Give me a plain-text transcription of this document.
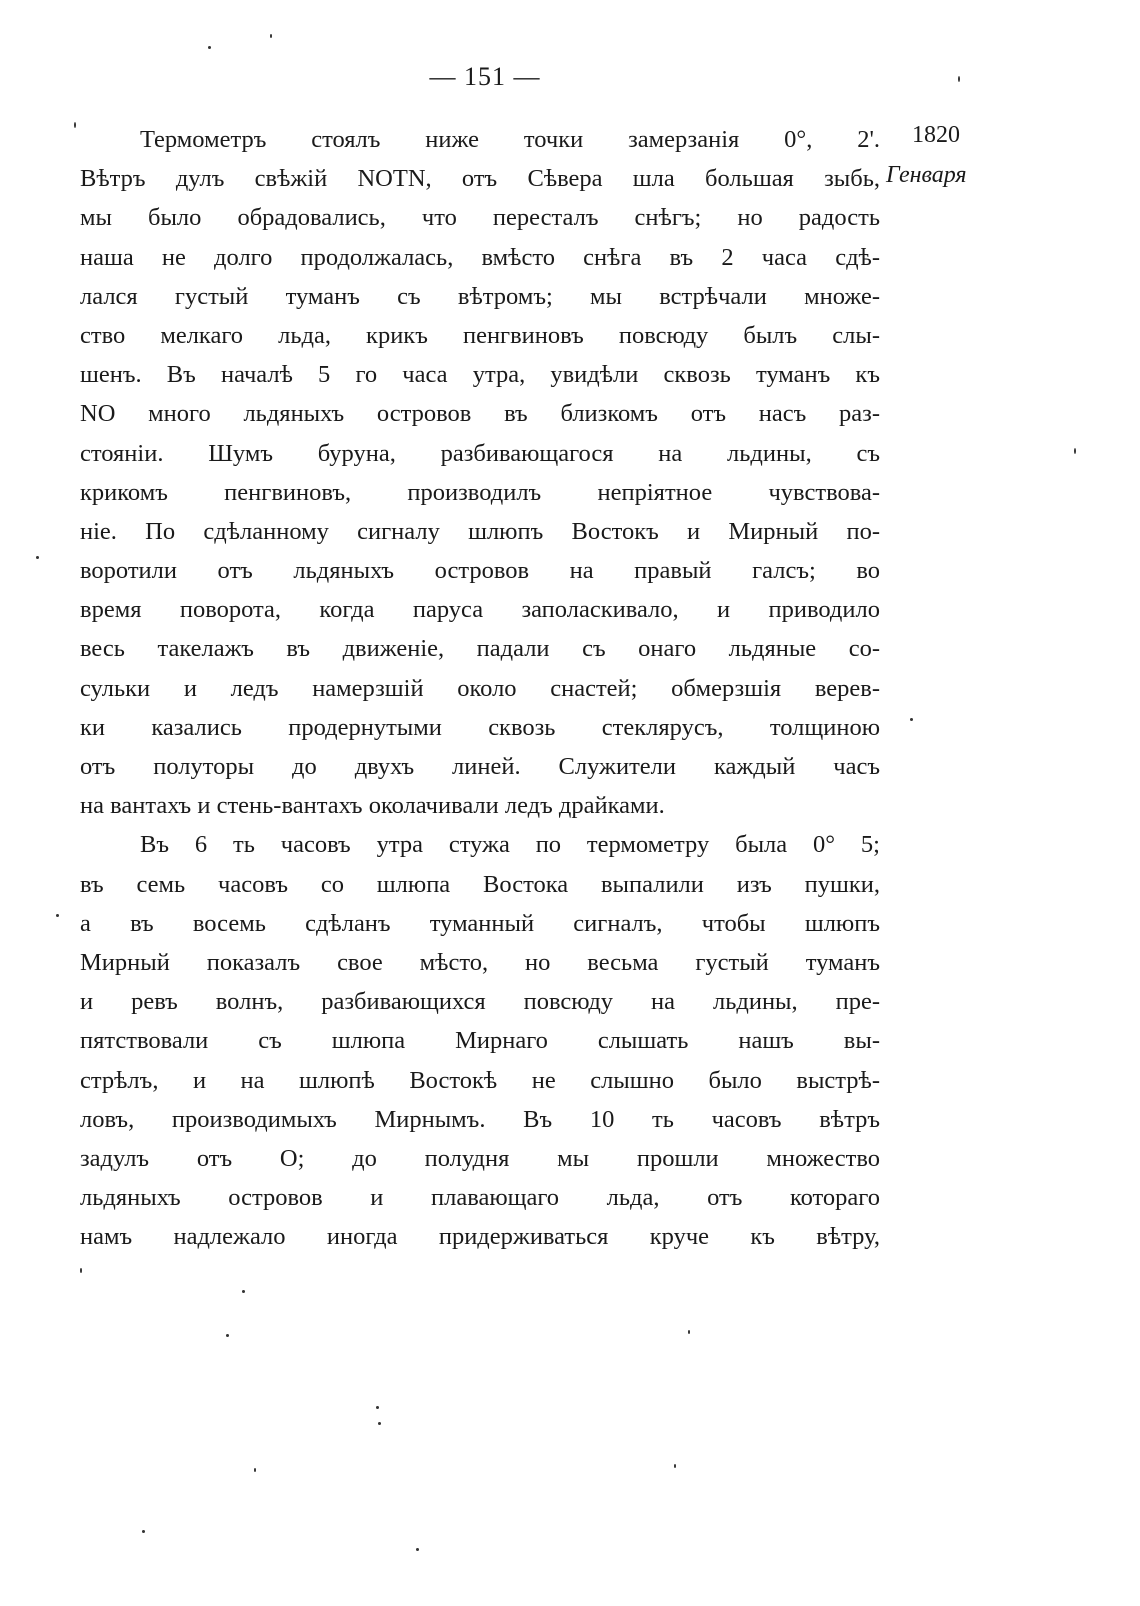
— 151 —
1820
Генваря
Термометръ стоялъ ниже точки замерзанія 0°, 2'.
Вѣтръ дулъ свѣжій NOTN, отъ Сѣвера шла большая зыбь,
мы было обрадовались, что пересталъ снѣгъ; но радость
наша не долго продолжалась, вмѣсто снѣга въ 2 часа сдѣ-
лался густый туманъ съ вѣтромъ; мы встрѣчали множе-
ство мелкаго льда, крикъ пенгвиновъ повсюду былъ слы-
шенъ. Въ началѣ 5 го часа утра, увидѣли сквозь туманъ къ
NO много льдяныхъ островов въ близкомъ отъ насъ раз-
стояніи. Шумъ буруна, разбивающагося на льдины, съ
крикомъ пенгвиновъ, производилъ непріятное чувствова-
ніе. По сдѣланному сигналу шлюпъ Востокъ и Мирный по-
воротили отъ льдяныхъ островов на правый галсъ; во
время поворота, когда паруса заполаскивало, и приводило
весь такелажъ въ движеніе, падали съ онаго льдяные со-
сульки и ледъ намерзшій около снастей; обмерзшія верев-
ки казались продернутыми сквозь стеклярусъ, толщиною
отъ полуторы до двухъ линей. Служители каждый часъ
на вантахъ и стень-вантахъ околачивали ледъ драйками.
Въ 6 ть часовъ утра стужа по термометру была 0° 5;
въ семь часовъ со шлюпа Востока выпалили изъ пушки,
а въ восемь сдѣланъ туманный сигналъ, чтобы шлюпъ
Мирный показалъ свое мѣсто, но весьма густый туманъ
и ревъ волнъ, разбивающихся повсюду на льдины, пре-
пятствовали съ шлюпа Мирнаго слышать нашъ вы-
стрѣлъ, и на шлюпѣ Востокѣ не слышно было выстрѣ-
ловъ, производимыхъ Мирнымъ. Въ 10 ть часовъ вѣтръ
задулъ отъ О; до полудня мы прошли множество
льдяныхъ островов и плавающаго льда, отъ котораго
намъ надлежало иногда придерживаться круче къ вѣтру,
